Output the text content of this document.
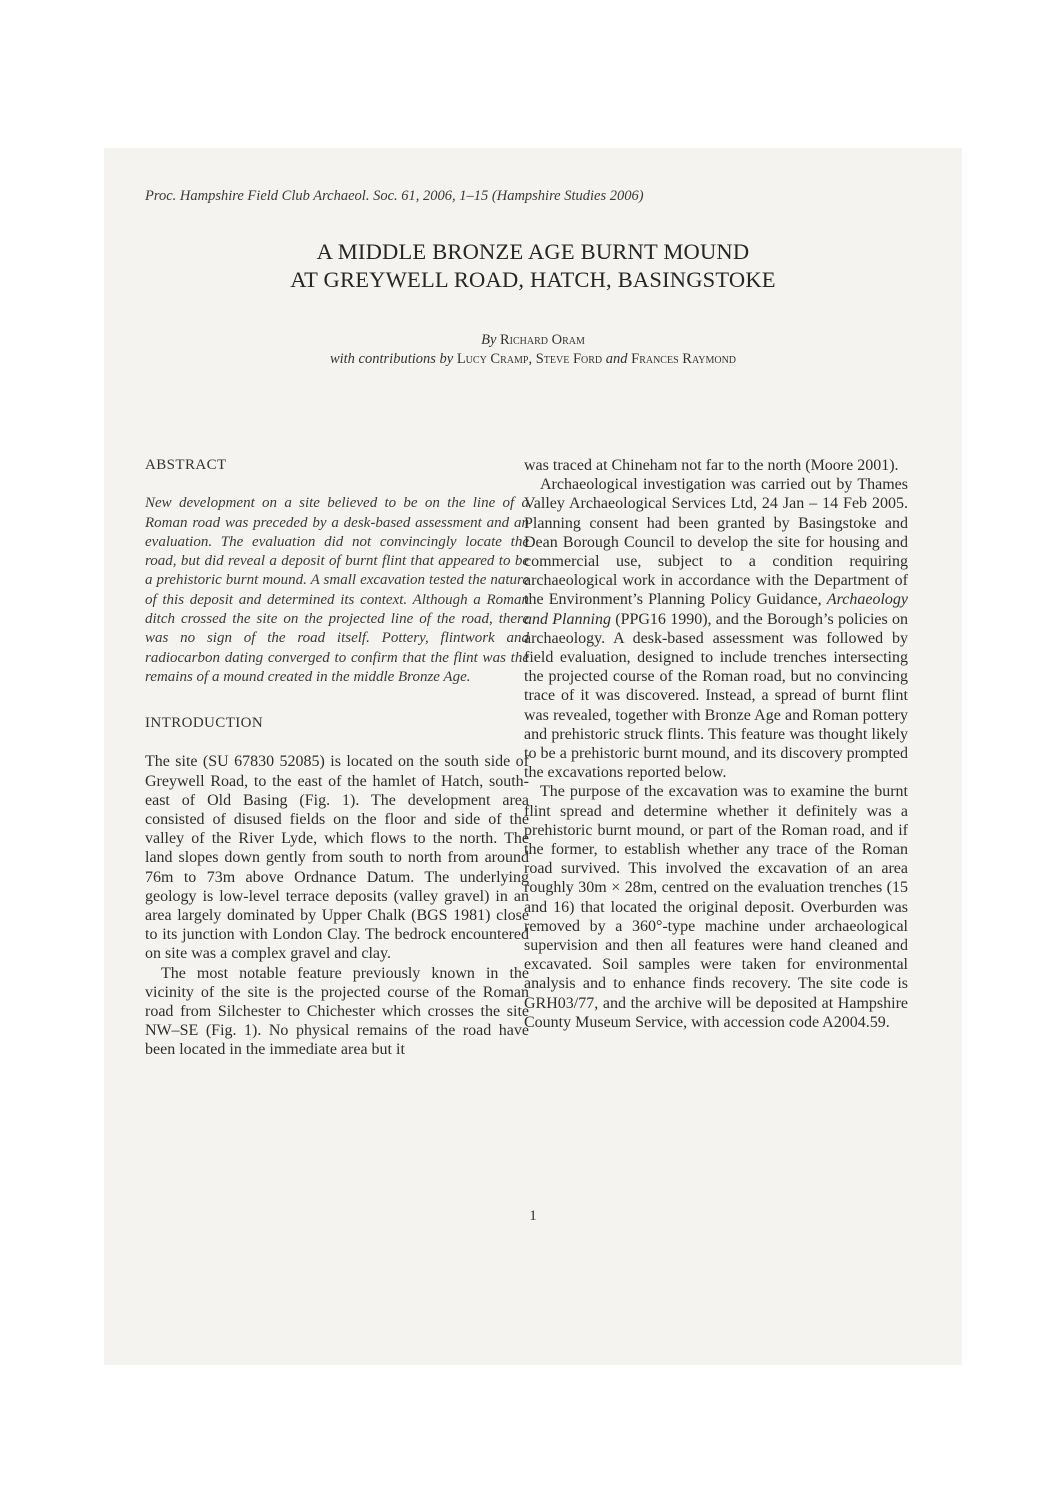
Proc. Hampshire Field Club Archaeol. Soc. 61, 2006, 1–15 (Hampshire Studies 2006)
A MIDDLE BRONZE AGE BURNT MOUND
AT GREYWELL ROAD, HATCH, BASINGSTOKE
By Richard Oram
with contributions by Lucy Cramp, Steve Ford and Frances Raymond
ABSTRACT

New development on a site believed to be on the line of a Roman road was preceded by a desk-based assessment and an evaluation. The evaluation did not convincingly locate the road, but did reveal a deposit of burnt flint that appeared to be a prehistoric burnt mound. A small excavation tested the nature of this deposit and determined its context. Although a Roman ditch crossed the site on the projected line of the road, there was no sign of the road itself. Pottery, flintwork and radiocarbon dating converged to confirm that the flint was the remains of a mound created in the middle Bronze Age.

INTRODUCTION

The site (SU 67830 52085) is located on the south side of Greywell Road, to the east of the hamlet of Hatch, south-east of Old Basing (Fig. 1). The development area consisted of disused fields on the floor and side of the valley of the River Lyde, which flows to the north. The land slopes down gently from south to north from around 76m to 73m above Ordnance Datum. The underlying geology is low-level terrace deposits (valley gravel) in an area largely dominated by Upper Chalk (BGS 1981) close to its junction with London Clay. The bedrock encountered on site was a complex gravel and clay.

The most notable feature previously known in the vicinity of the site is the projected course of the Roman road from Silchester to Chichester which crosses the site NW–SE (Fig. 1). No physical remains of the road have been located in the immediate area but it

was traced at Chineham not far to the north (Moore 2001).

Archaeological investigation was carried out by Thames Valley Archaeological Services Ltd, 24 Jan – 14 Feb 2005. Planning consent had been granted by Basingstoke and Dean Borough Council to develop the site for housing and commercial use, subject to a condition requiring archaeological work in accordance with the Department of the Environment’s Planning Policy Guidance, Archaeology and Planning (PPG16 1990), and the Borough’s policies on archaeology. A desk-based assessment was followed by field evaluation, designed to include trenches intersecting the projected course of the Roman road, but no convincing trace of it was discovered. Instead, a spread of burnt flint was revealed, together with Bronze Age and Roman pottery and prehistoric struck flints. This feature was thought likely to be a prehistoric burnt mound, and its discovery prompted the excavations reported below.

The purpose of the excavation was to examine the burnt flint spread and determine whether it definitely was a prehistoric burnt mound, or part of the Roman road, and if the former, to establish whether any trace of the Roman road survived. This involved the excavation of an area roughly 30m × 28m, centred on the evaluation trenches (15 and 16) that located the original deposit. Overburden was removed by a 360°-type machine under archaeological supervision and then all features were hand cleaned and excavated. Soil samples were taken for environmental analysis and to enhance finds recovery. The site code is GRH03/77, and the archive will be deposited at Hampshire County Museum Service, with accession code A2004.59.

1
